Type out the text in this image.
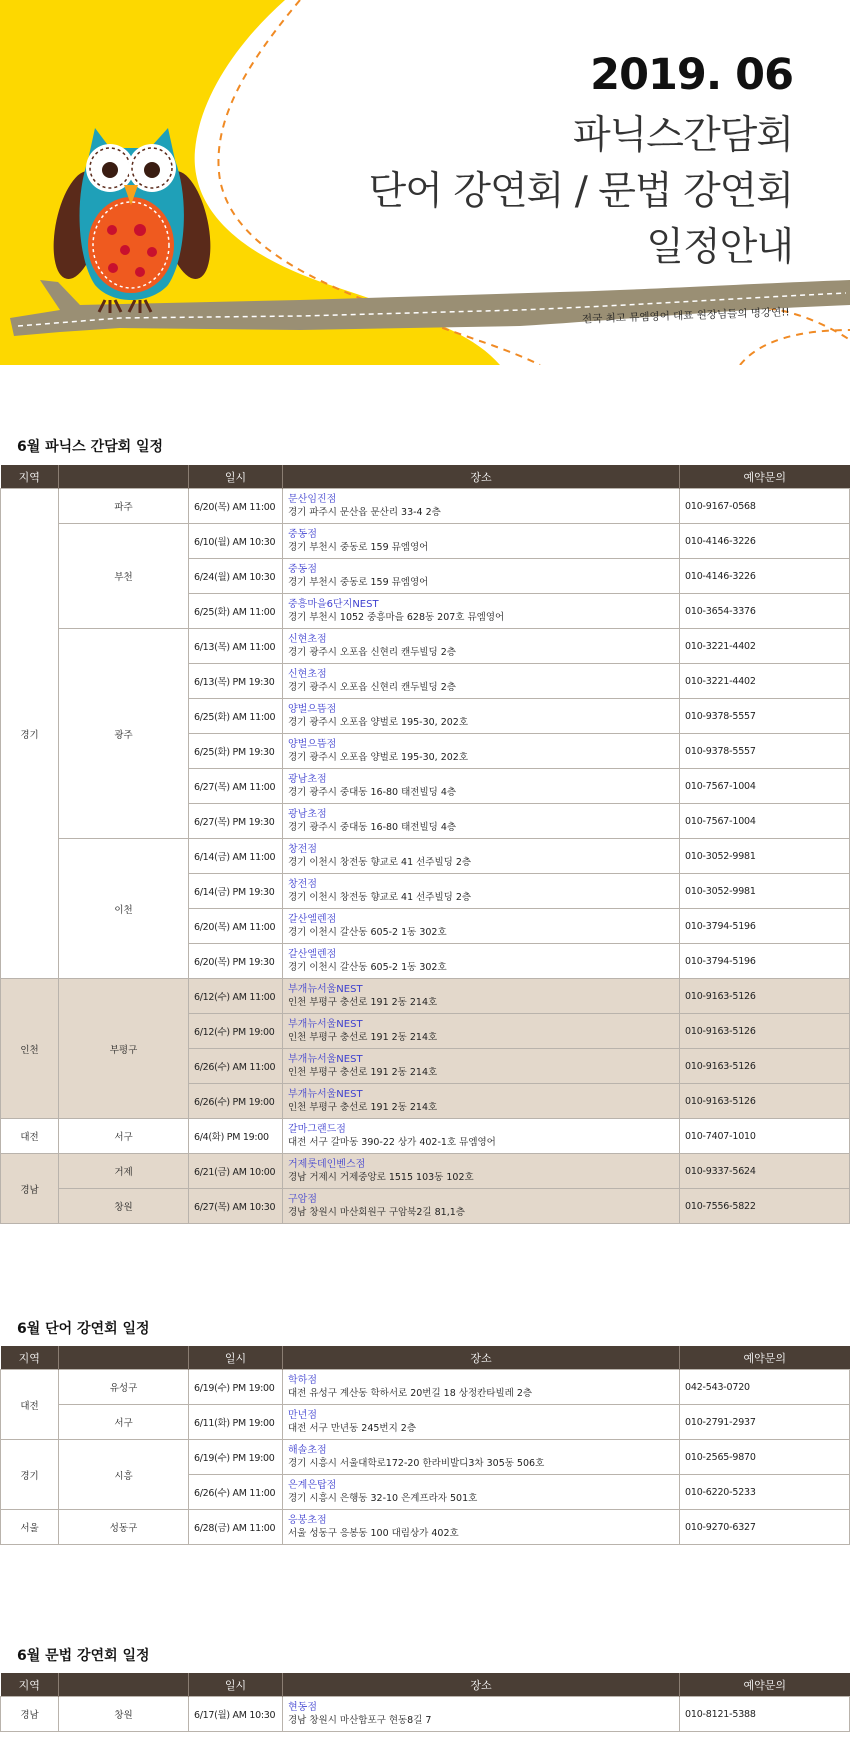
2019. 06
파닉스간담회
단어 강연회 / 문법 강연회
일정안내
전국 최고 뮤엠영어 대표 원장님들의 명강연!!
6월 파닉스 간담회 일정
지역		일시	장소	예약문의
경기	파주	6/20(목) AM 11:00	문산임진점
경기 파주시 문산읍 문산리 33-4 2층	010-9167-0568
	부천	6/10(월) AM 10:30	중동점
경기 부천시 중동로 159 뮤엠영어	010-4146-3226
		6/24(월) AM 10:30	중동점
경기 부천시 중동로 159 뮤엠영어	010-4146-3226
		6/25(화) AM 11:00	중흥마을6단지NEST
경기 부천시 1052 중흥마을 628동 207호 뮤엠영어	010-3654-3376
	광주	6/13(목) AM 11:00	신현초점
경기 광주시 오포읍 신현리 캔두빌딩 2층	010-3221-4402
		6/13(목) PM 19:30	신현초점
경기 광주시 오포읍 신현리 캔두빌딩 2층	010-3221-4402
		6/25(화) AM 11:00	양벌으뜸점
경기 광주시 오포읍 양벌로 195-30, 202호	010-9378-5557
		6/25(화) PM 19:30	양벌으뜸점
경기 광주시 오포읍 양벌로 195-30, 202호	010-9378-5557
		6/27(목) AM 11:00	광남초점
경기 광주시 중대동 16-80 태전빌딩 4층	010-7567-1004
		6/27(목) PM 19:30	광남초점
경기 광주시 중대동 16-80 태전빌딩 4층	010-7567-1004
	이천	6/14(금) AM 11:00	창전점
경기 이천시 창전동 향교로 41 선주빌딩 2층	010-3052-9981
		6/14(금) PM 19:30	창전점
경기 이천시 창전동 향교로 41 선주빌딩 2층	010-3052-9981
		6/20(목) AM 11:00	갈산엘렌점
경기 이천시 갈산동 605-2 1동 302호	010-3794-5196
		6/20(목) PM 19:30	갈산엘렌점
경기 이천시 갈산동 605-2 1동 302호	010-3794-5196
인천	부평구	6/12(수) AM 11:00	부개뉴서울NEST
인천 부평구 충선로 191 2동 214호	010-9163-5126
		6/12(수) PM 19:00	부개뉴서울NEST
인천 부평구 충선로 191 2동 214호	010-9163-5126
		6/26(수) AM 11:00	부개뉴서울NEST
인천 부평구 충선로 191 2동 214호	010-9163-5126
		6/26(수) PM 19:00	부개뉴서울NEST
인천 부평구 충선로 191 2동 214호	010-9163-5126
대전	서구	6/4(화) PM 19:00	갈마그랜드점
대전 서구 갈마동 390-22 상가 402-1호 뮤엠영어	010-7407-1010
경남	거제	6/21(금) AM 10:00	거제롯데인벤스점
경남 거제시 거제중앙로 1515 103동 102호	010-9337-5624
	창원	6/27(목) AM 10:30	구암점
경남 창원시 마산회원구 구암북2길 81,1층	010-7556-5822
6월 단어 강연회 일정
지역		일시	장소	예약문의
대전	유성구	6/19(수) PM 19:00	학하점
대전 유성구 계산동 학하서로 20번길 18 상정칸타빌레 2층	042-543-0720
	서구	6/11(화) PM 19:00	만년점
대전 서구 만년동 245번지 2층	010-2791-2937
경기	시흥	6/19(수) PM 19:00	해솔초점
경기 시흥시 서울대학로172-20 한라비발디3차 305동 506호	010-2565-9870
		6/26(수) AM 11:00	은계은탑점
경기 시흥시 은행동 32-10 은계프라자 501호	010-6220-5233
서울	성동구	6/28(금) AM 11:00	응봉초점
서울 성동구 응봉동 100 대림상가 402호	010-9270-6327
6월 문법 강연회 일정
지역		일시	장소	예약문의
경남	창원	6/17(월) AM 10:30	현동점
경남 창원시 마산합포구 현동8길 7	010-8121-5388
